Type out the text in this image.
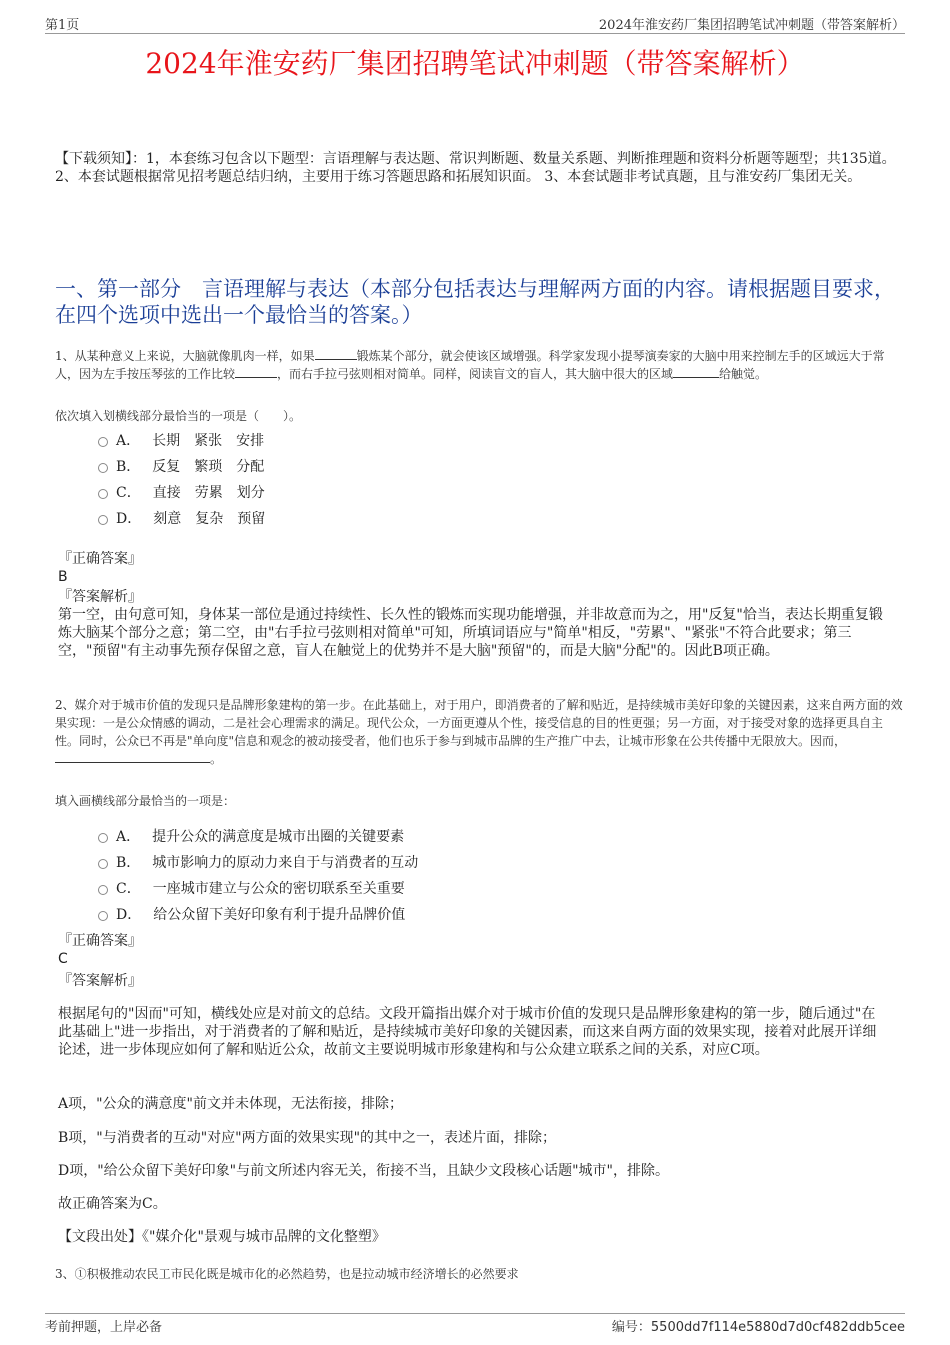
第1页	2024年淮安药厂集团招聘笔试冲刺题（带答案解析）
2024年淮安药厂集团招聘笔试冲刺题（带答案解析）
【下载须知】：1，本套练习包含以下题型：言语理解与表达题、常识判断题、数量关系题、判断推理题和资料分析题等题型；共135道。 2、本套试题根据常见招考题总结归纳，主要用于练习答题思路和拓展知识面。 3、本套试题非考试真题，且与淮安药厂集团无关。
一、第一部分　言语理解与表达（本部分包括表达与理解两方面的内容。请根据题目要求，在四个选项中选出一个最恰当的答案。）
1、从某种意义上来说，大脑就像肌肉一样，如果	锻炼某个部分，就会使该区域增强。科学家发现小提琴演奏家的大脑中用来控制左手的区域远大于常人，因为左手按压琴弦的工作比较	，而右手拉弓弦则相对简单。同样，阅读盲文的盲人，其大脑中很大的区域	给触觉。
依次填入划横线部分最恰当的一项是（　　）。
A． 长期　紧张　安排
B． 反复　繁琐　分配
C． 直接　劳累　划分
D． 刻意　复杂　预留
『正确答案』
B
『答案解析』
第一空，由句意可知，身体某一部位是通过持续性、长久性的锻炼而实现功能增强，并非故意而为之，用"反复"恰当，表达长期重复锻炼大脑某个部分之意；第二空，由"右手拉弓弦则相对简单"可知，所填词语应与"简单"相反，"劳累"、"紧张"不符合此要求；第三空，"预留"有主动事先预存保留之意，盲人在触觉上的优势并不是大脑"预留"的，而是大脑"分配"的。因此B项正确。
2、媒介对于城市价值的发现只是品牌形象建构的第一步。在此基础上，对于用户，即消费者的了解和贴近，是持续城市美好印象的关键因素，这来自两方面的效果实现：一是公众情感的调动，二是社会心理需求的满足。现代公众，一方面更遵从个性，接受信息的目的性更强；另一方面，对于接受对象的选择更具自主性。同时，公众已不再是"单向度"信息和观念的被动接受者，他们也乐于参与到城市品牌的生产推广中去，让城市形象在公共传播中无限放大。因而，。
填入画横线部分最恰当的一项是：
A． 提升公众的满意度是城市出圈的关键要素
B． 城市影响力的原动力来自于与消费者的互动
C． 一座城市建立与公众的密切联系至关重要
D． 给公众留下美好印象有利于提升品牌价值
『正确答案』
C
『答案解析』
根据尾句的"因而"可知，横线处应是对前文的总结。文段开篇指出媒介对于城市价值的发现只是品牌形象建构的第一步，随后通过"在此基础上"进一步指出，对于消费者的了解和贴近，是持续城市美好印象的关键因素，而这来自两方面的效果实现，接着对此展开详细论述，进一步体现应如何了解和贴近公众，故前文主要说明城市形象建构和与公众建立联系之间的关系，对应C项。
A项，"公众的满意度"前文并未体现，无法衔接，排除；
B项，"与消费者的互动"对应"两方面的效果实现"的其中之一，表述片面，排除；
D项，"给公众留下美好印象"与前文所述内容无关，衔接不当，且缺少文段核心话题"城市"，排除。
故正确答案为C。
【文段出处】《"媒介化"景观与城市品牌的文化整塑》
3、①积极推动农民工市民化既是城市化的必然趋势，也是拉动城市经济增长的必然要求
考前押题，上岸必备	编号：5500dd7f114e5880d7d0cf482ddb5cee
